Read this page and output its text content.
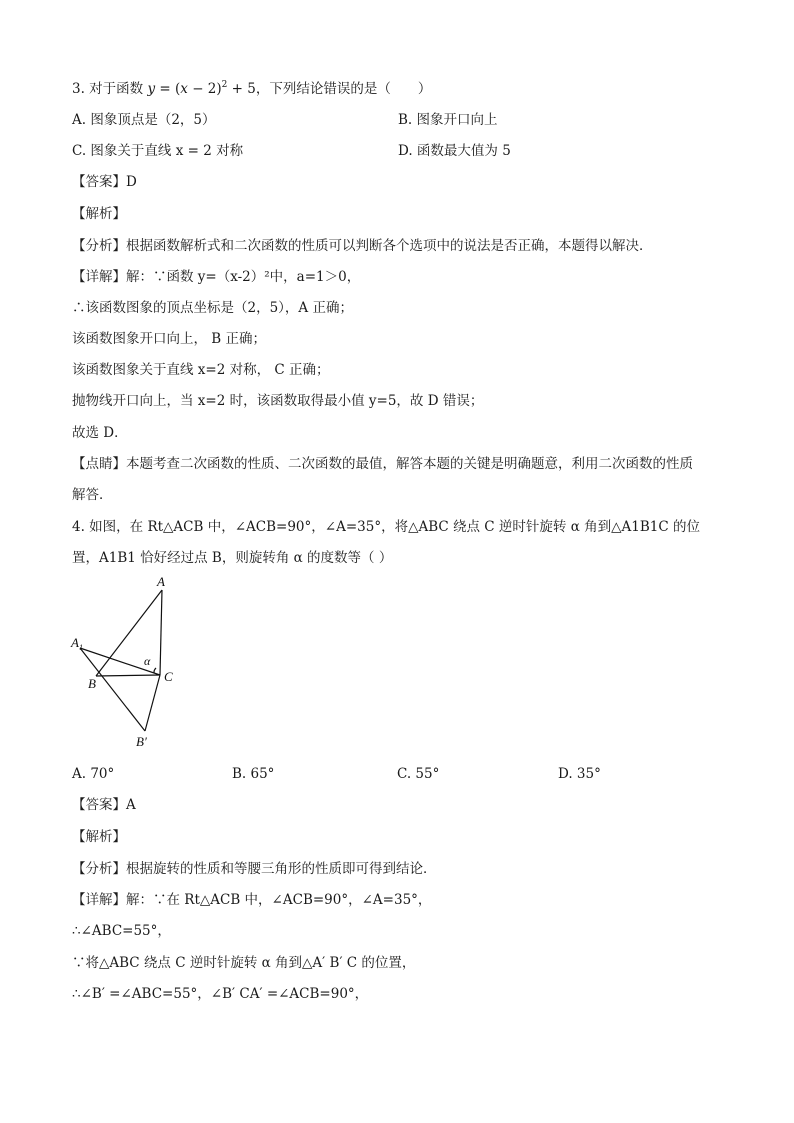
3. 对于函数 $y = (x - 2)^2 + 5$，下列结论错误的是（　　）
A. 图象顶点是（2，5）	B. 图象开口向上
C. 图象关于直线 x = 2 对称	D. 函数最大值为 5
【答案】D
【解析】
【分析】根据函数解析式和二次函数的性质可以判断各个选项中的说法是否正确，本题得以解决．
【详解】解：∵函数 y=（x-2）²中，a=1＞0，
∴该函数图象的顶点坐标是（2，5），A 正确；
该函数图象开口向上， B 正确；
该函数图象关于直线 x=2 对称， C 正确；
抛物线开口向上，当 x=2 时，该函数取得最小值 y=5，故 D 错误；
故选 D．
【点睛】本题考查二次函数的性质、二次函数的最值，解答本题的关键是明确题意，利用二次函数的性质
解答．
4. 如图，在 Rt△ACB 中，∠ACB=90°，∠A=35°，将△ABC 绕点 C 逆时针旋转 α 角到△A1B1C 的位
置，A1B1 恰好经过点 B，则旋转角 α 的度数等（ ）
A
$A_1$
α
B	C
B′
A. 70°	B. 65°	C. 55°	D. 35°
【答案】A
【解析】
【分析】根据旋转的性质和等腰三角形的性质即可得到结论．
【详解】解：∵在 Rt△ACB 中，∠ACB=90°，∠A=35°，
∴∠ABC=55°，
∵将△ABC 绕点 C 逆时针旋转 α 角到△A′ B′ C 的位置，
∴∠B′ =∠ABC=55°，∠B′ CA′ =∠ACB=90°，
